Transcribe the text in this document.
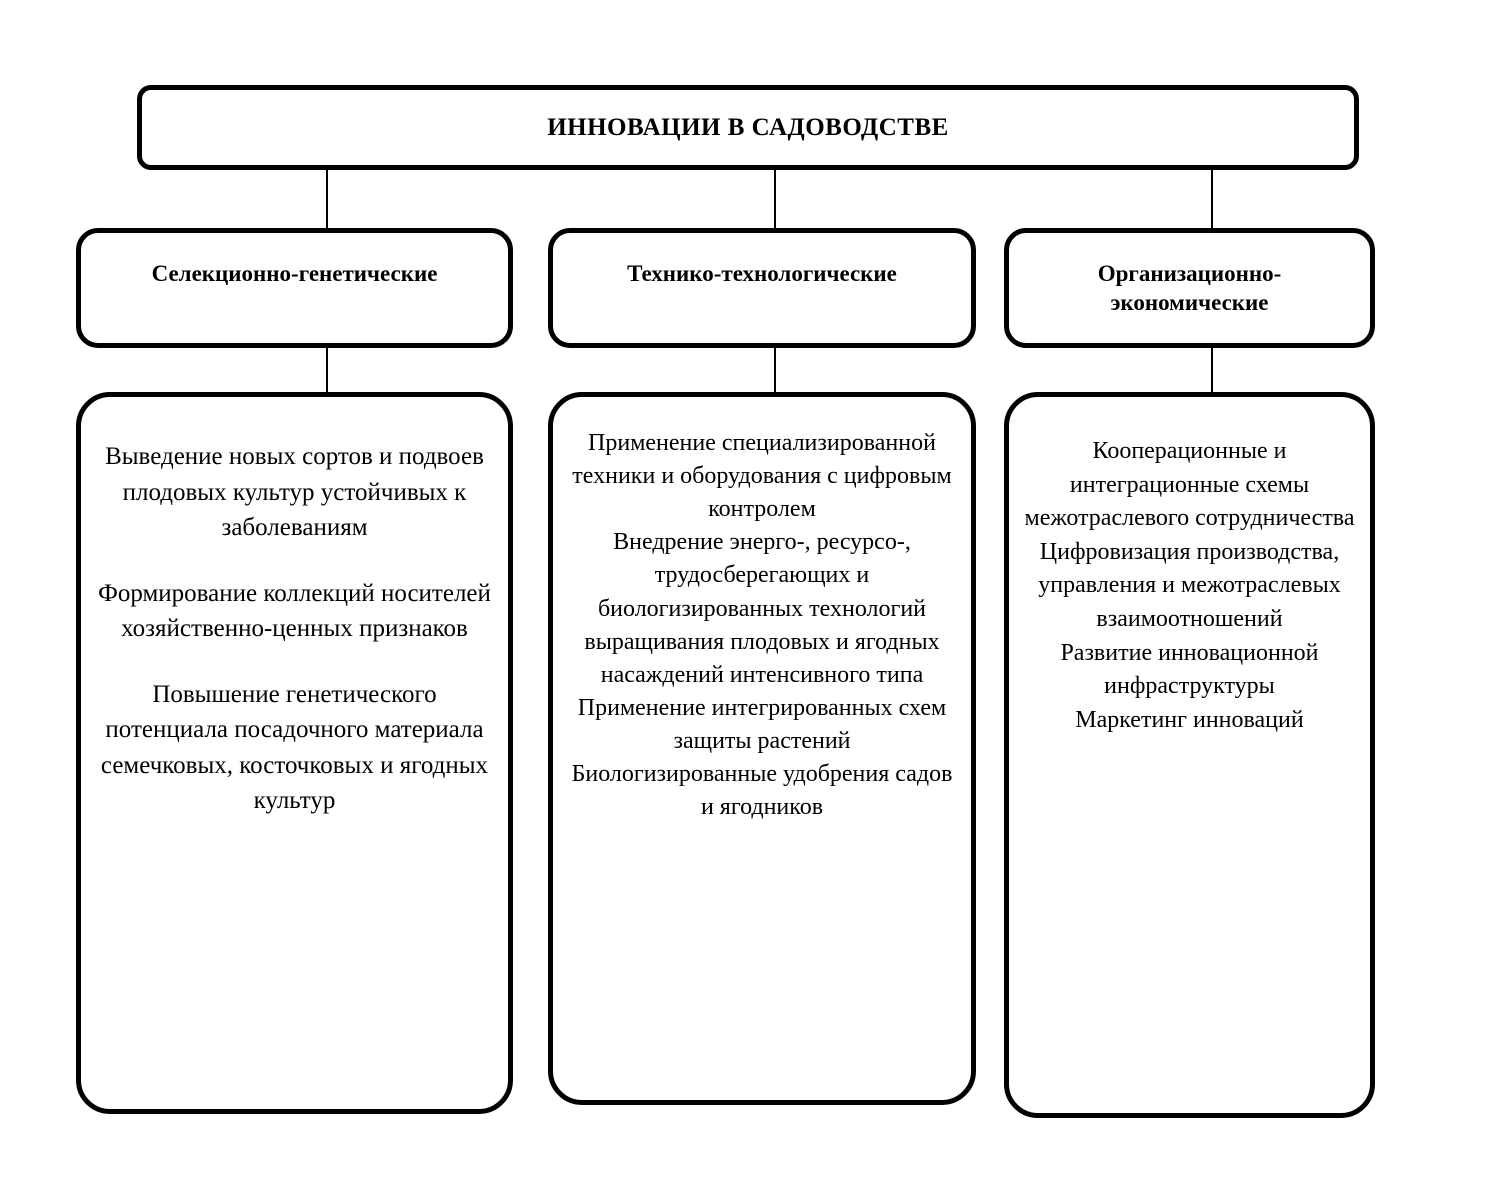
ИННОВАЦИИ В САДОВОДСТВЕ
Селекционно-генетические	Технико-технологические	Организационно-экономические
Выведение новых сортов и подвоев плодовых культур устойчивых к заболеваниям
Формирование коллекций носителей хозяйственно-ценных признаков
Повышение генетического потенциала посадочного материала семечковых, косточковых и ягодных культур
Применение специализированной техники и оборудования с цифровым контролем
Внедрение энерго-, ресурсо-, трудосберегающих и биологизированных технологий выращивания плодовых и ягодных насаждений интенсивного типа
Применение интегрированных схем защиты растений
Биологизированные удобрения садов и ягодников
Кооперационные и интеграционные схемы межотраслевого сотрудничества
Цифровизация производства, управления и межотраслевых взаимоотношений
Развитие инновационной инфраструктуры
Маркетинг инноваций
